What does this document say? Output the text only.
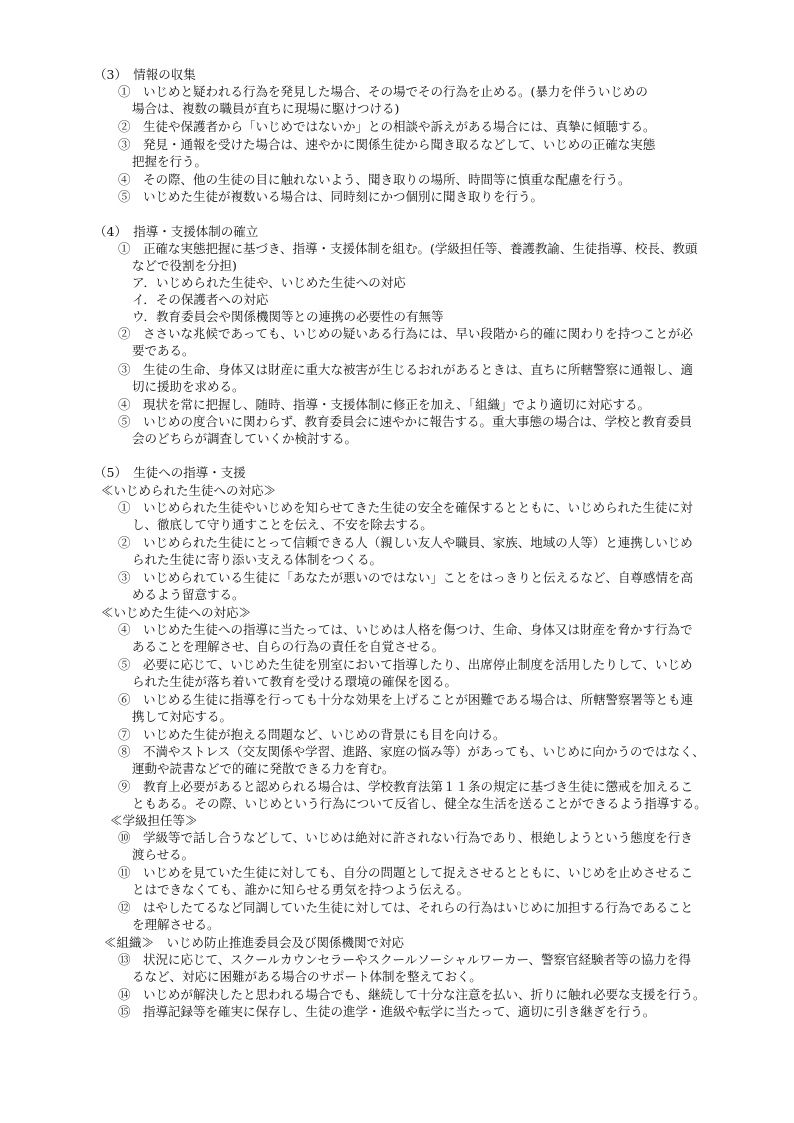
（3）　情報の収集
①　いじめと疑われる行為を発見した場合、その場でその行為を止める。(暴力を伴ういじめの
場合は、複数の職員が直ちに現場に駆けつける)
②　生徒や保護者から「いじめではないか」との相談や訴えがある場合には、真摯に傾聴する。
③　発見・通報を受けた場合は、速やかに関係生徒から聞き取るなどして、いじめの正確な実態
把握を行う。
④　その際、他の生徒の目に触れないよう、聞き取りの場所、時間等に慎重な配慮を行う。
⑤　いじめた生徒が複数いる場合は、同時刻にかつ個別に聞き取りを行う。
（4）　指導・支援体制の確立
①　正確な実態把握に基づき、指導・支援体制を組む。(学級担任等、養護教諭、生徒指導、校長、教頭
などで役割を分担)
ア．いじめられた生徒や、いじめた生徒への対応
イ．その保護者への対応
ウ．教育委員会や関係機関等との連携の必要性の有無等
②　ささいな兆候であっても、いじめの疑いある行為には、早い段階から的確に関わりを持つことが必
要である。
③　生徒の生命、身体又は財産に重大な被害が生じるおれがあるときは、直ちに所轄警察に通報し、適
切に援助を求める。
④　現状を常に把握し、随時、指導・支援体制に修正を加え、「組織」でより適切に対応する。
⑤　いじめの度合いに関わらず、教育委員会に速やかに報告する。重大事態の場合は、学校と教育委員
会のどちらが調査していくか検討する。
（5）　生徒への指導・支援
≪いじめられた生徒への対応≫
①　いじめられた生徒やいじめを知らせてきた生徒の安全を確保するとともに、いじめられた生徒に対
し、徹底して守り通すことを伝え、不安を除去する。
②　いじめられた生徒にとって信頼できる人（親しい友人や職員、家族、地域の人等）と連携しいじめ
られた生徒に寄り添い支える体制をつくる。
③　いじめられている生徒に「あなたが悪いのではない」ことをはっきりと伝えるなど、自尊感情を高
めるよう留意する。
≪いじめた生徒への対応≫
④　いじめた生徒への指導に当たっては、いじめは人格を傷つけ、生命、身体又は財産を脅かす行為で
あることを理解させ、自らの行為の責任を自覚させる。
⑤　必要に応じて、いじめた生徒を別室において指導したり、出席停止制度を活用したりして、いじめ
られた生徒が落ち着いて教育を受ける環境の確保を図る。
⑥　いじめる生徒に指導を行っても十分な効果を上げることが困難である場合は、所轄警察署等とも連
携して対応する。
⑦　いじめた生徒が抱える問題など、いじめの背景にも目を向ける。
⑧　不満やストレス（交友関係や学習、進路、家庭の悩み等）があっても、いじめに向かうのではなく、
運動や読書などで的確に発散できる力を育む。
⑨　教育上必要があると認められる場合は、学校教育法第１１条の規定に基づき生徒に懲戒を加えるこ
ともある。その際、いじめという行為について反省し、健全な生活を送ることができるよう指導する。
≪学級担任等≫
⑩　学級等で話し合うなどして、いじめは絶対に許されない行為であり、根絶しようという態度を行き
渡らせる。
⑪　いじめを見ていた生徒に対しても、自分の問題として捉えさせるとともに、いじめを止めさせるこ
とはできなくても、誰かに知らせる勇気を持つよう伝える。
⑫　はやしたてるなど同調していた生徒に対しては、それらの行為はいじめに加担する行為であること
を理解させる。
≪組織≫　いじめ防止推進委員会及び関係機関で対応
⑬　状況に応じて、スクールカウンセラーやスクールソーシャルワーカー、警察官経験者等の協力を得
るなど、対応に困難がある場合のサポート体制を整えておく。
⑭　いじめが解決したと思われる場合でも、継続して十分な注意を払い、折りに触れ必要な支援を行う。
⑮　指導記録等を確実に保存し、生徒の進学・進級や転学に当たって、適切に引き継ぎを行う。
